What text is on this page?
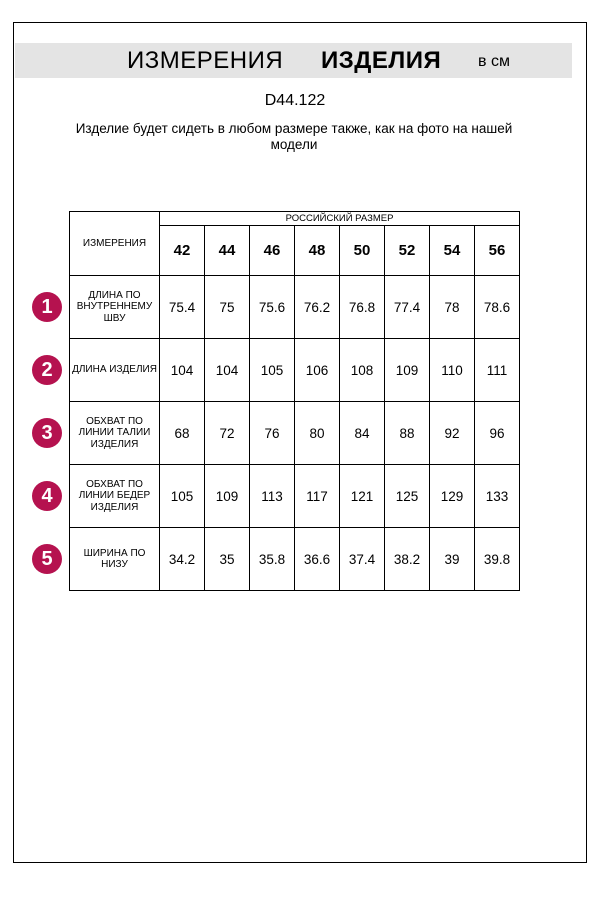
ИЗМЕРЕНИЯ ИЗДЕЛИЯ в см
D44.122
Изделие будет сидеть в любом размере также, как на фото на нашей модели
ИЗМЕРЕНИЯ	РОССИЙСКИЙ РАЗМЕР							
	42	44	46	48	50	52	54	56

ДЛИНА ПО ВНУТРЕННЕМУ ШВУ	75.4	75	75.6	76.2	76.8	77.4	78	78.6

ДЛИНА ИЗДЕЛИЯ	104	104	105	106	108	109	110	111

ОБХВАТ ПО ЛИНИИ ТАЛИИ ИЗДЕЛИЯ	68	72	76	80	84	88	92	96

ОБХВАТ ПО ЛИНИИ БЕДЕР ИЗДЕЛИЯ	105	109	113	117	121	125	129	133

ШИРИНА ПО НИЗУ	34.2	35	35.8	36.6	37.4	38.2	39	39.8
1
2
3
4
5
